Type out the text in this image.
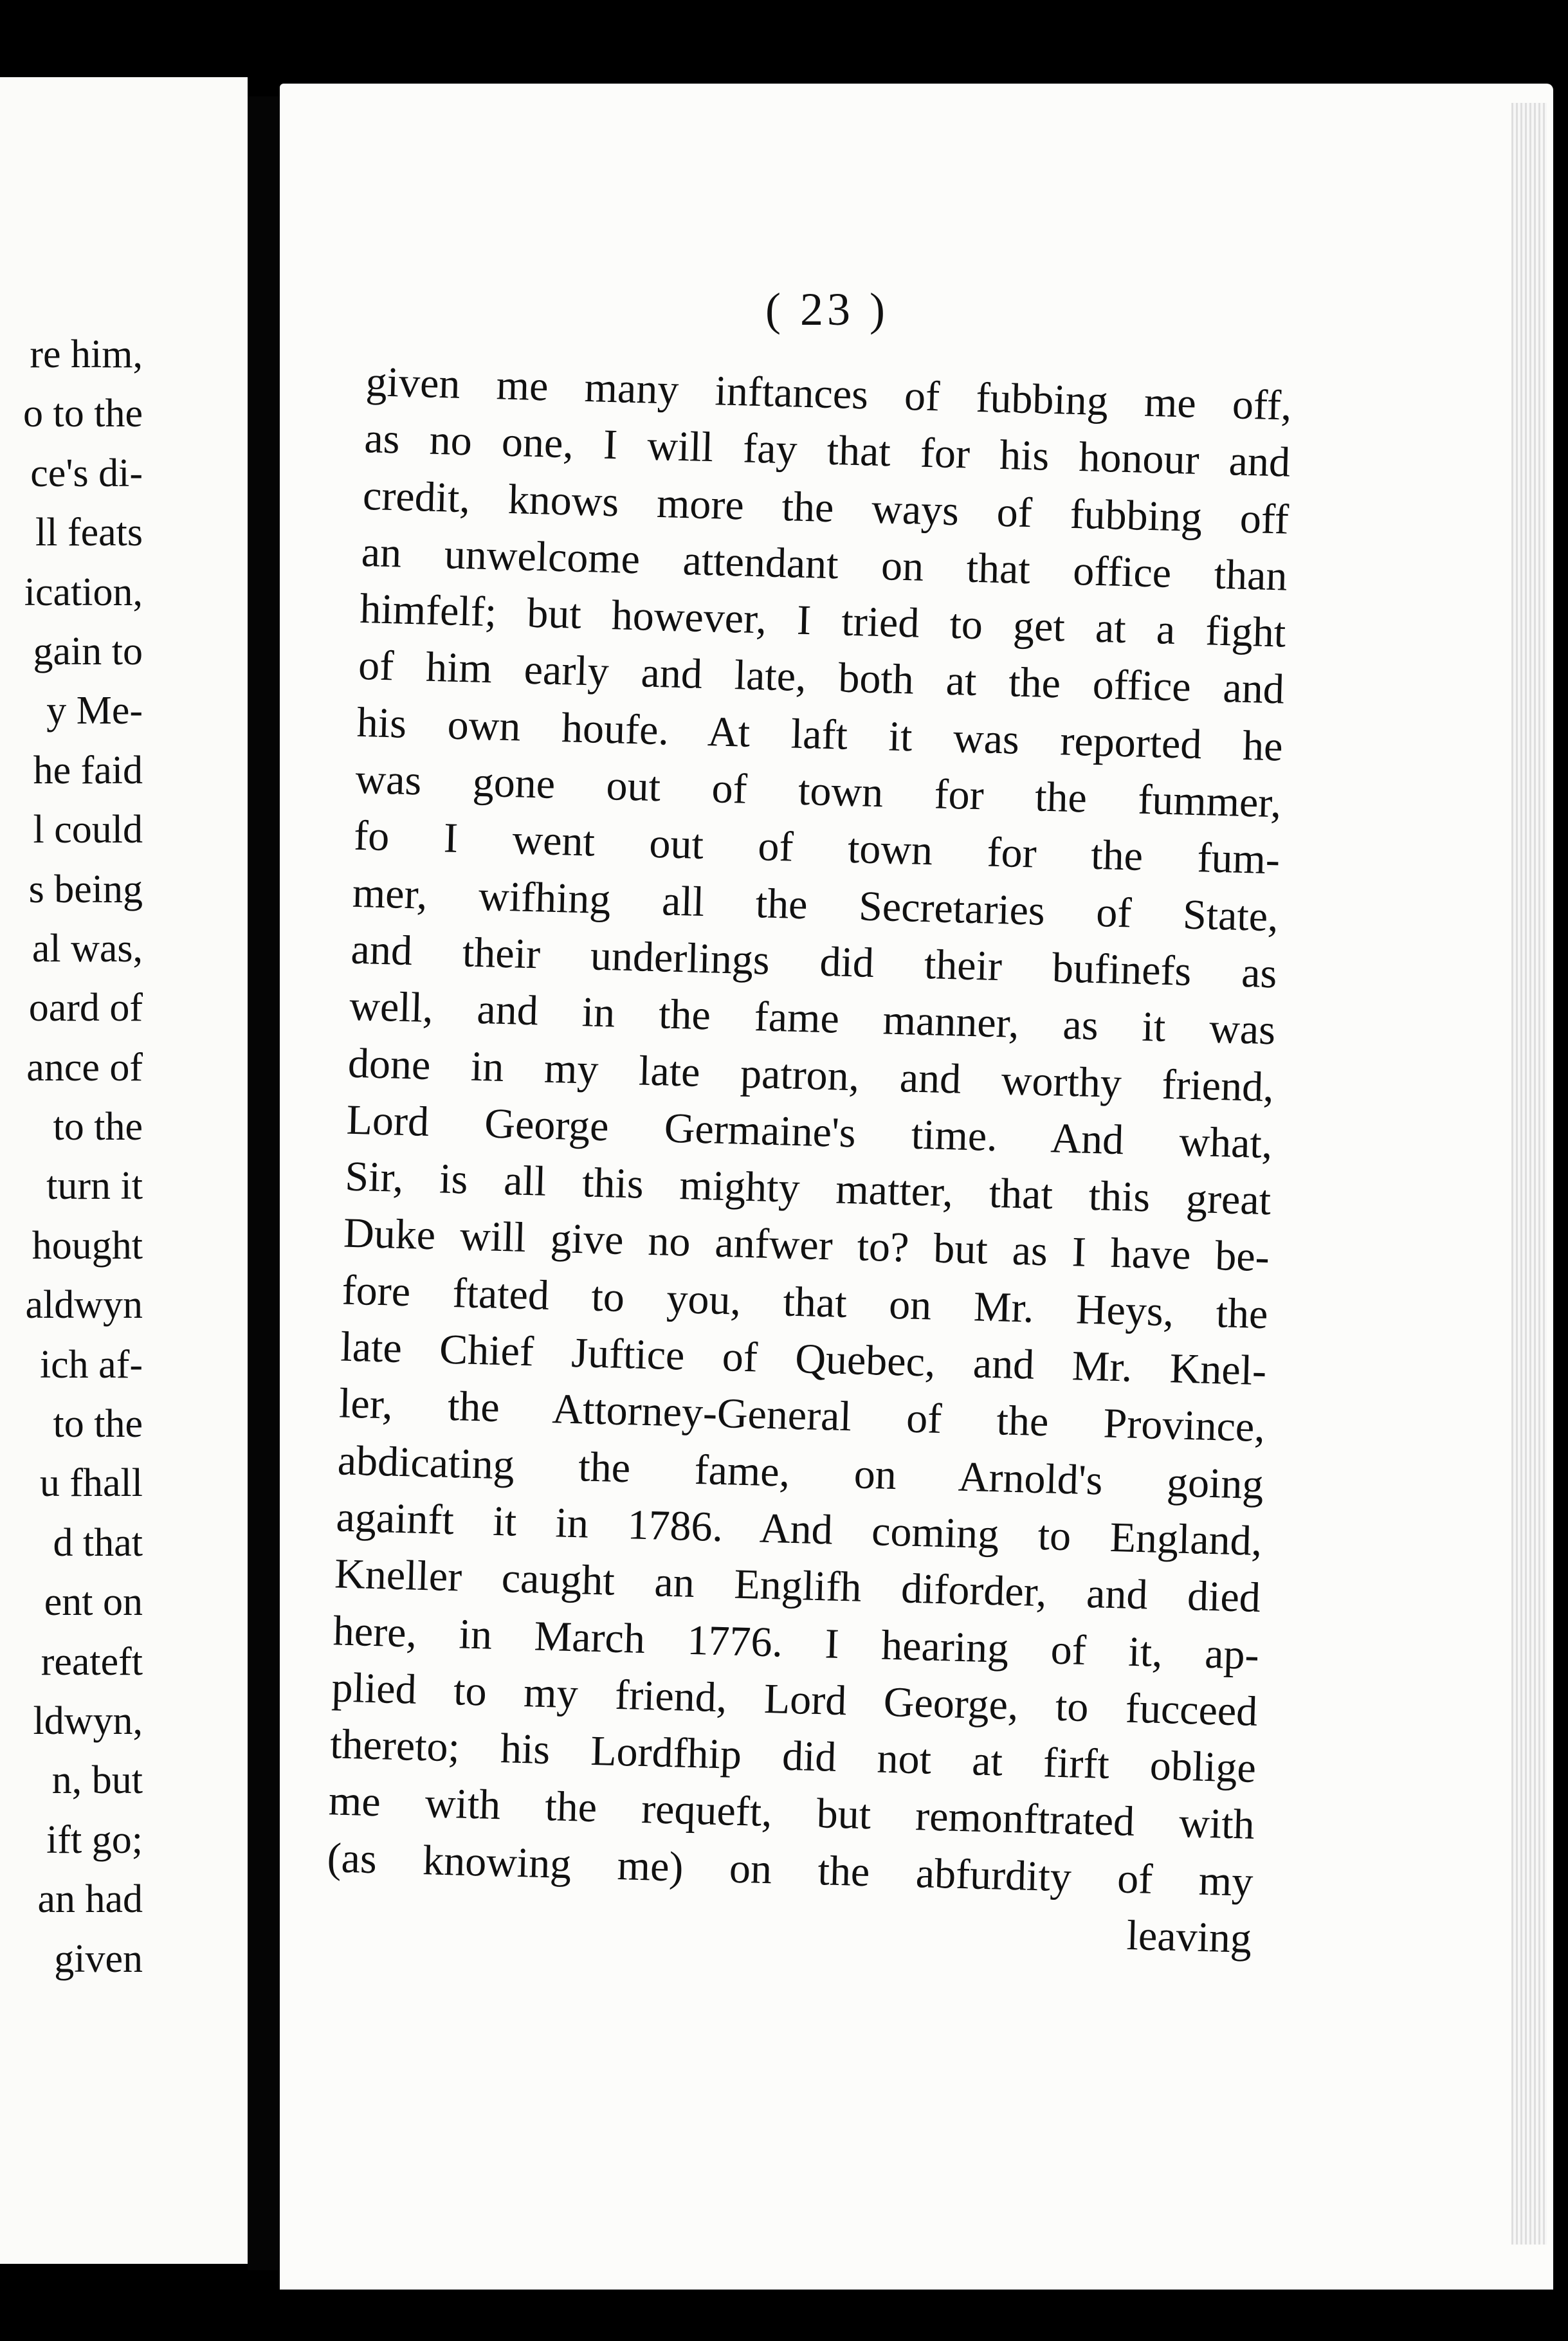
re him,
o to the
ce's di-
ll feats
ication,
gain to
y Me-
he faid
l could
s being
al was,
oard of
ance of
to the
turn it
hought
aldwyn
ich af-
to the
u fhall
d that
ent on
reateft
ldwyn,
n, but
ift go;
an had
given
( 23 )
given me many inftances of fubbing me off,
as no one, I will fay that for his honour and
credit, knows more the ways of fubbing off
an unwelcome attendant on that office than
himfelf; but however, I tried to get at a fight
of him early and late, both at the office and
his own houfe. At laft it was reported he
was gone out of town for the fummer,
fo I went out of town for the fum-
mer, wifhing all the Secretaries of State,
and their underlings did their bufinefs as
well, and in the fame manner, as it was
done in my late patron, and worthy friend,
Lord George Germaine's time. And what,
Sir, is all this mighty matter, that this great
Duke will give no anfwer to? but as I have be-
fore ftated to you, that on Mr. Heys, the
late Chief Juftice of Quebec, and Mr. Knel-
ler, the Attorney-General of the Province,
abdicating the fame, on Arnold's going
againft it in 1786. And coming to England,
Kneller caught an Englifh diforder, and died
here, in March 1776. I hearing of it, ap-
plied to my friend, Lord George, to fucceed
thereto; his Lordfhip did not at firft oblige
me with the requeft, but remonftrated with
(as knowing me) on the abfurdity of my
leaving
